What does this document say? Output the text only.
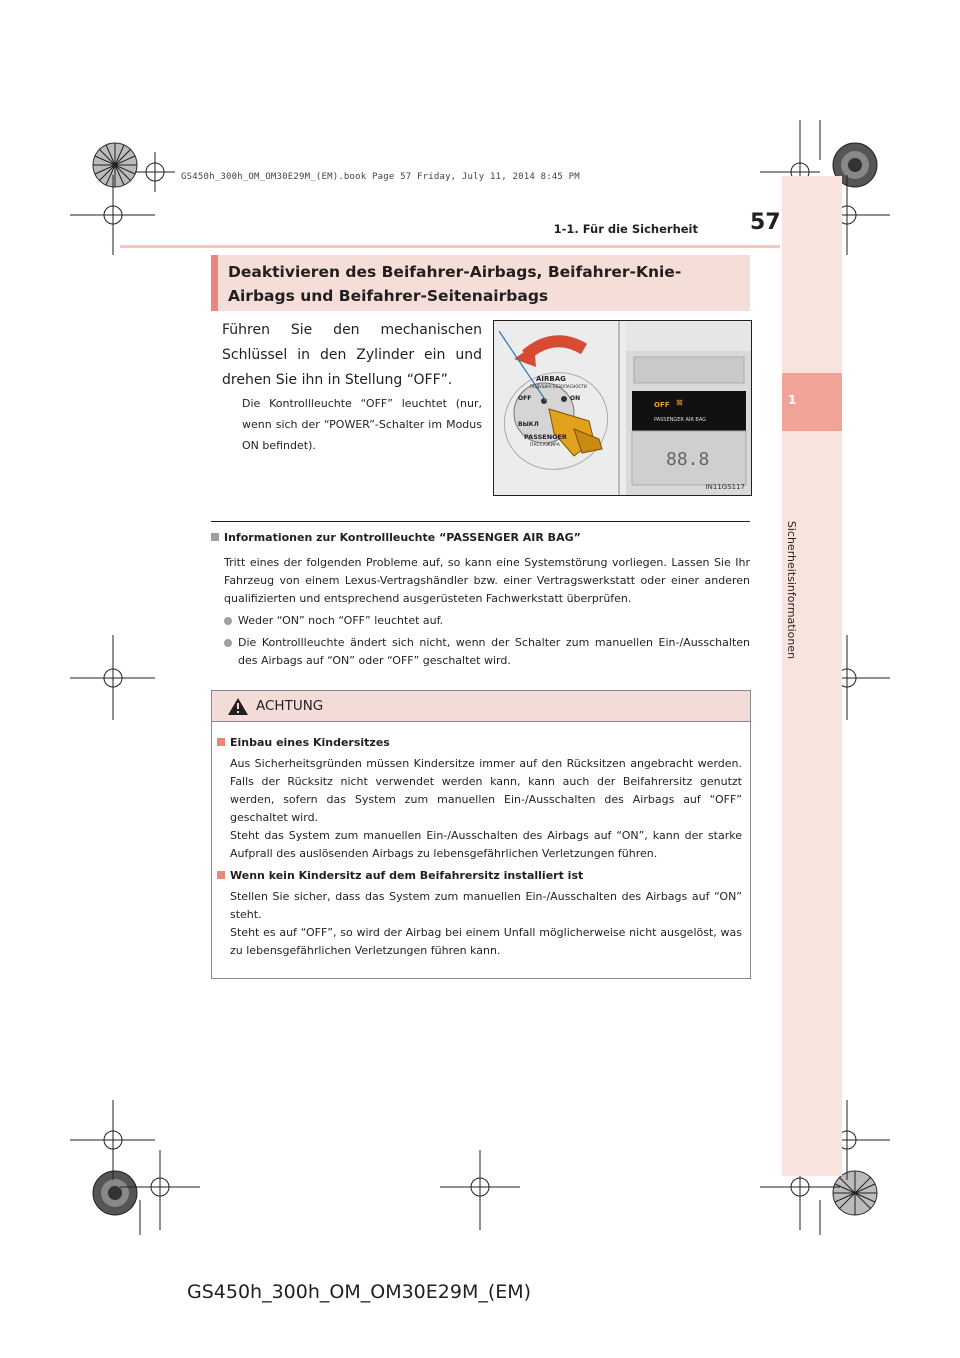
GS450h_300h_OM_OM30E29M_(EM).book Page 57 Friday, July 11, 2014 8:45 PM
1
Sicherheitsinformationen
1-1. Für die Sicherheit 57
Deaktivieren des Beifahrer-Airbags, Beifahrer-Knie-Airbags und Beifahrer-Seitenairbags
Führen Sie den mechanischen Schlüssel in den Zylinder ein und drehen Sie ihn in Stellung “OFF”.
Die Kontrollleuchte “OFF” leuchtet (nur, wenn sich der “POWER”-Schalter im Modus ON befindet).
AIRBAG
ПОДУШКА БЕЗОПАСНОСТИ
OFF
ВЫКЛ
ON
PASSENGER
ПАССАЖИРА
OFF ⊠
PASSENGER AIR BAG
88.8
IN11GS117
Informationen zur Kontrollleuchte “PASSENGER AIR BAG”
Tritt eines der folgenden Probleme auf, so kann eine Systemstörung vorliegen. Lassen Sie Ihr Fahrzeug von einem Lexus-Vertragshändler bzw. einer Vertragswerkstatt oder einer anderen qualifizierten und entsprechend ausgerüsteten Fachwerkstatt überprüfen.
Weder “ON” noch “OFF” leuchtet auf.
Die Kontrollleuchte ändert sich nicht, wenn der Schalter zum manuellen Ein-/Ausschalten des Airbags auf “ON” oder “OFF” geschaltet wird.
ACHTUNG
Einbau eines Kindersitzes
Aus Sicherheitsgründen müssen Kindersitze immer auf den Rücksitzen angebracht werden. Falls der Rücksitz nicht verwendet werden kann, kann auch der Beifahrersitz genutzt werden, sofern das System zum manuellen Ein-/Ausschalten des Airbags auf “OFF” geschaltet wird.
Steht das System zum manuellen Ein-/Ausschalten des Airbags auf “ON”, kann der starke Aufprall des auslösenden Airbags zu lebensgefährlichen Verletzungen führen.
Wenn kein Kindersitz auf dem Beifahrersitz installiert ist
Stellen Sie sicher, dass das System zum manuellen Ein-/Ausschalten des Airbags auf “ON” steht.
Steht es auf “OFF”, so wird der Airbag bei einem Unfall möglicherweise nicht ausgelöst, was zu lebensgefährlichen Verletzungen führen kann.
GS450h_300h_OM_OM30E29M_(EM)
